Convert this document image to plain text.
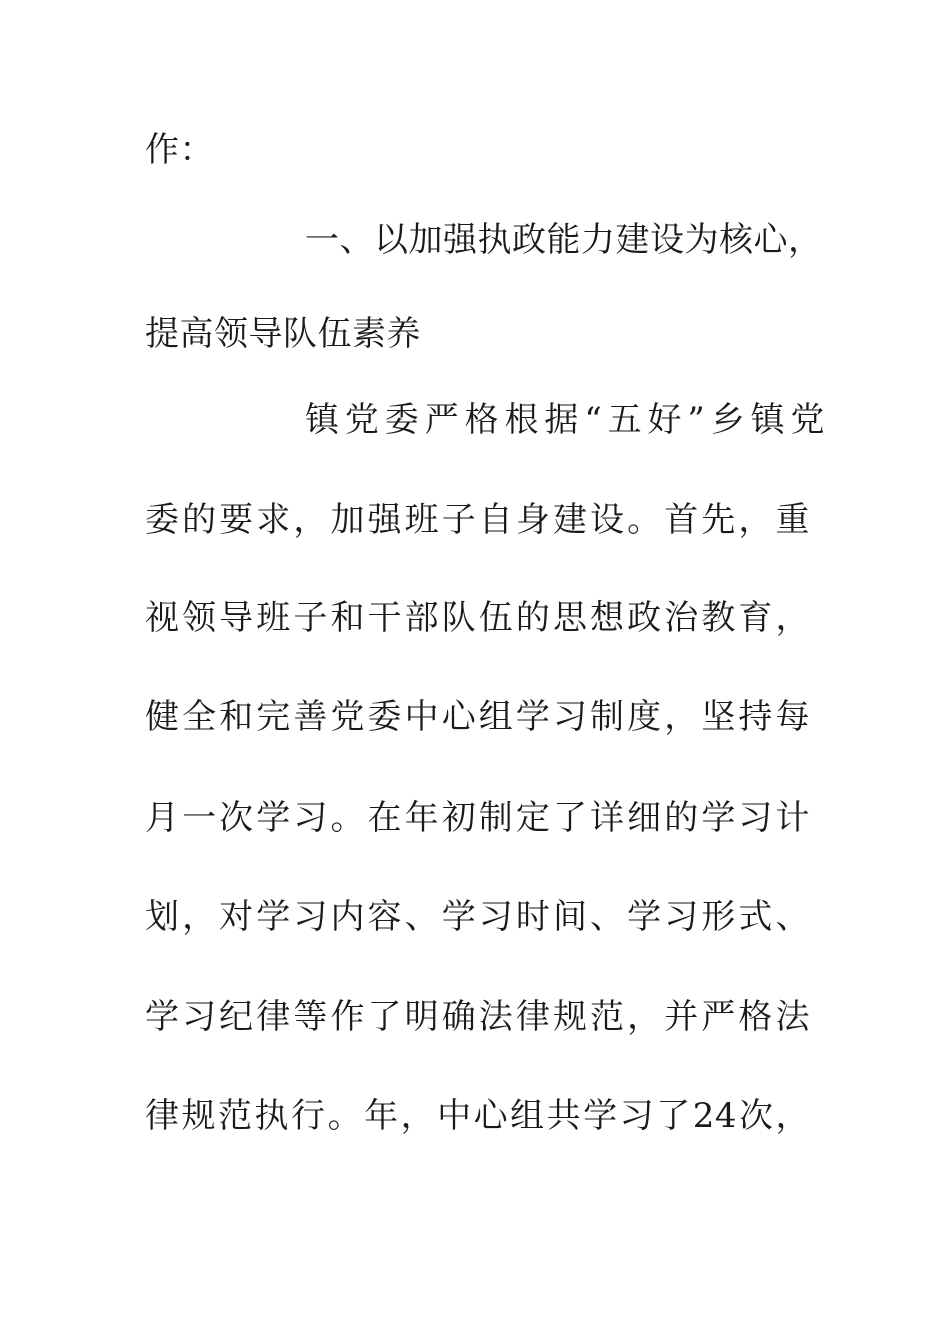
作：
一、以加强执政能力建设为核心，
提高领导队伍素养
镇党委严格根据“五好”乡镇党
委的要求，加强班子自身建设。首先，重
视领导班子和干部队伍的思想政治教育，
健全和完善党委中心组学习制度，坚持每
月一次学习。在年初制定了详细的学习计
划，对学习内容、学习时间、学习形式、
学习纪律等作了明确法律规范，并严格法
律规范执行。年，中心组共学习了24次，
